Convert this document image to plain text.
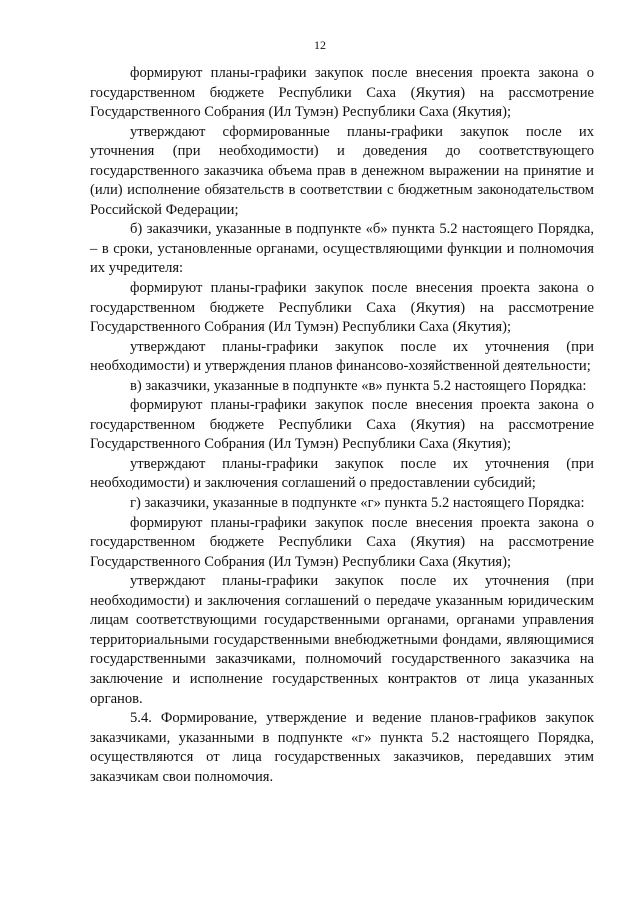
12

формируют планы-графики закупок после внесения проекта закона о государственном бюджете Республики Саха (Якутия) на рассмотрение Государственного Собрания (Ил Тумэн) Республики Саха (Якутия);

утверждают сформированные планы-графики закупок после их уточнения (при необходимости) и доведения до соответствующего государственного заказчика объема прав в денежном выражении на принятие и (или) исполнение обязательств в соответствии с бюджетным законодательством Российской Федерации;

б) заказчики, указанные в подпункте «б» пункта 5.2 настоящего Порядка, – в сроки, установленные органами, осуществляющими функции и полномочия их учредителя:

формируют планы-графики закупок после внесения проекта закона о государственном бюджете Республики Саха (Якутия) на рассмотрение Государственного Собрания (Ил Тумэн) Республики Саха (Якутия);

утверждают планы-графики закупок после их уточнения (при необходимости) и утверждения планов финансово-хозяйственной деятельности;

в) заказчики, указанные в подпункте «в» пункта 5.2 настоящего Порядка:

формируют планы-графики закупок после внесения проекта закона о государственном бюджете Республики Саха (Якутия) на рассмотрение Государственного Собрания (Ил Тумэн) Республики Саха (Якутия);

утверждают планы-графики закупок после их уточнения (при необходимости) и заключения соглашений о предоставлении субсидий;

г) заказчики, указанные в подпункте «г» пункта 5.2 настоящего Порядка:

формируют планы-графики закупок после внесения проекта закона о государственном бюджете Республики Саха (Якутия) на рассмотрение Государственного Собрания (Ил Тумэн) Республики Саха (Якутия);

утверждают планы-графики закупок после их уточнения (при необходимости) и заключения соглашений о передаче указанным юридическим лицам соответствующими государственными органами, органами управления территориальными государственными внебюджетными фондами, являющимися государственными заказчиками, полномочий государственного заказчика на заключение и исполнение государственных контрактов от лица указанных органов.

5.4. Формирование, утверждение и ведение планов-графиков закупок заказчиками, указанными в подпункте «г» пункта 5.2 настоящего Порядка, осуществляются от лица государственных заказчиков, передавших этим заказчикам свои полномочия.
